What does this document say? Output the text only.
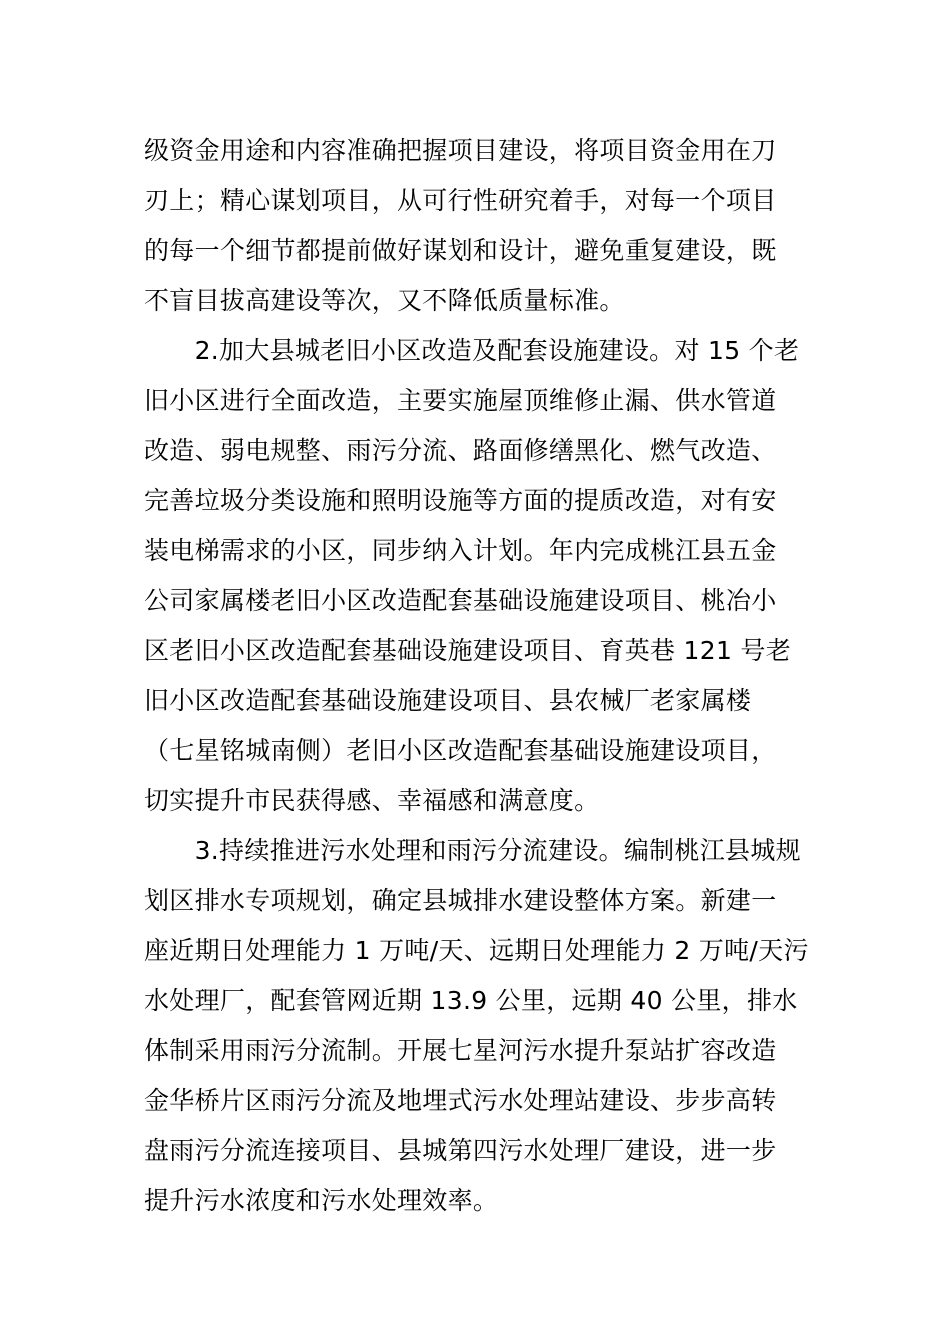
级资金用途和内容准确把握项目建设，将项目资金用在刀
刃上；精心谋划项目，从可行性研究着手，对每一个项目
的每一个细节都提前做好谋划和设计，避免重复建设，既
不盲目拔高建设等次，又不降低质量标准。
　　2.加大县城老旧小区改造及配套设施建设。对 15 个老
旧小区进行全面改造，主要实施屋顶维修止漏、供水管道
改造、弱电规整、雨污分流、路面修缮黑化、燃气改造、
完善垃圾分类设施和照明设施等方面的提质改造，对有安
装电梯需求的小区，同步纳入计划。年内完成桃江县五金
公司家属楼老旧小区改造配套基础设施建设项目、桃冶小
区老旧小区改造配套基础设施建设项目、育英巷 121 号老
旧小区改造配套基础设施建设项目、县农械厂老家属楼
（七星铭城南侧）老旧小区改造配套基础设施建设项目，
切实提升市民获得感、幸福感和满意度。
　　3.持续推进污水处理和雨污分流建设。编制桃江县城规
划区排水专项规划，确定县城排水建设整体方案。新建一
座近期日处理能力 1 万吨/天、远期日处理能力 2 万吨/天污
水处理厂，配套管网近期 13.9 公里，远期 40 公里，排水
体制采用雨污分流制。开展七星河污水提升泵站扩容改造
金华桥片区雨污分流及地埋式污水处理站建设、步步高转
盘雨污分流连接项目、县城第四污水处理厂建设，进一步
提升污水浓度和污水处理效率。
